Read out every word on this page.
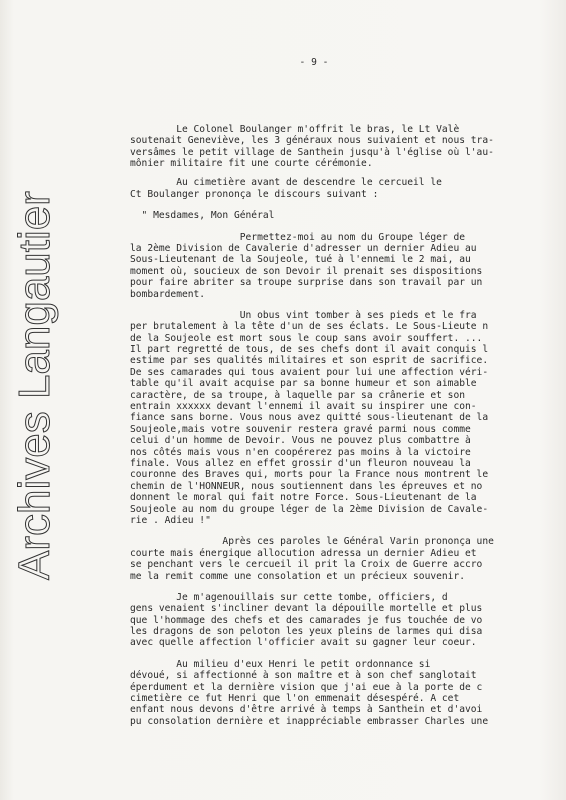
Archives Langautier

- 9 -

Le Colonel Boulanger m'offrit le bras, le Lt Valè
soutenait Geneviève, les 3 généraux nous suivaient et nous tra-
versâmes le petit village de Santhein jusqu'à l'église où l'au-
mônier militaire fit une courte cérémonie.
Au cimetière avant de descendre le cercueil le
Ct Boulanger prononça le discours suivant :
" Mesdames, Mon Général
Permettez-moi au nom du Groupe léger de
la 2ème Division de Cavalerie d'adresser un dernier Adieu au
Sous-Lieutenant de la Soujeole, tué à l'ennemi le 2 mai, au
moment où, soucieux de son Devoir il prenait ses dispositions
pour faire abriter sa troupe surprise dans son travail par un
bombardement.
Un obus vint tomber à ses pieds et le fra
per brutalement à la tête d'un de ses éclats. Le Sous-Lieute n
de la Soujeole est mort sous le coup sans avoir souffert. ...
Il part regretté de tous, de ses chefs dont il avait conquis l
estime par ses qualités militaires et son esprit de sacrifice.
De ses camarades qui tous avaient pour lui une affection véri-
table qu'il avait acquise par sa bonne humeur et son aimable
caractère, de sa troupe, à laquelle par sa crânerie et son
entrain xxxxxx devant l'ennemi il avait su inspirer une con-
fiance sans borne. Vous nous avez quitté sous-lieutenant de la
Soujeole,mais votre souvenir restera gravé parmi nous comme
celui d'un homme de Devoir. Vous ne pouvez plus combattre à
nos côtés mais vous n'en coopérerez pas moins à la victoire
finale. Vous allez en effet grossir d'un fleuron nouveau la
couronne des Braves qui, morts pour la France nous montrent le
chemin de l'HONNEUR, nous soutiennent dans les épreuves et no
donnent le moral qui fait notre Force. Sous-Lieutenant de la
Soujeole au nom du groupe léger de la 2ème Division de Cavale-
rie . Adieu !"
Après ces paroles le Général Varin prononça une
courte mais énergique allocution adressa un dernier Adieu et
se penchant vers le cercueil il prit la Croix de Guerre accro
me la remit comme une consolation et un précieux souvenir.
Je m'agenouillais sur cette tombe, officiers, d
gens venaient s'incliner devant la dépouille mortelle et plus
que l'hommage des chefs et des camarades je fus touchée de vo
les dragons de son peloton les yeux pleins de larmes qui disa
avec quelle affection l'officier avait su gagner leur coeur.
Au milieu d'eux Henri le petit ordonnance si
dévoué, si affectionné à son maître et à son chef sanglotait
éperdument et la dernière vision que j'ai eue à la porte de c
cimetière ce fut Henri que l'on emmenait désespéré. A cet
enfant nous devons d'être arrivé à temps à Santhein et d'avoi
pu consolation dernière et inappréciable embrasser Charles une
